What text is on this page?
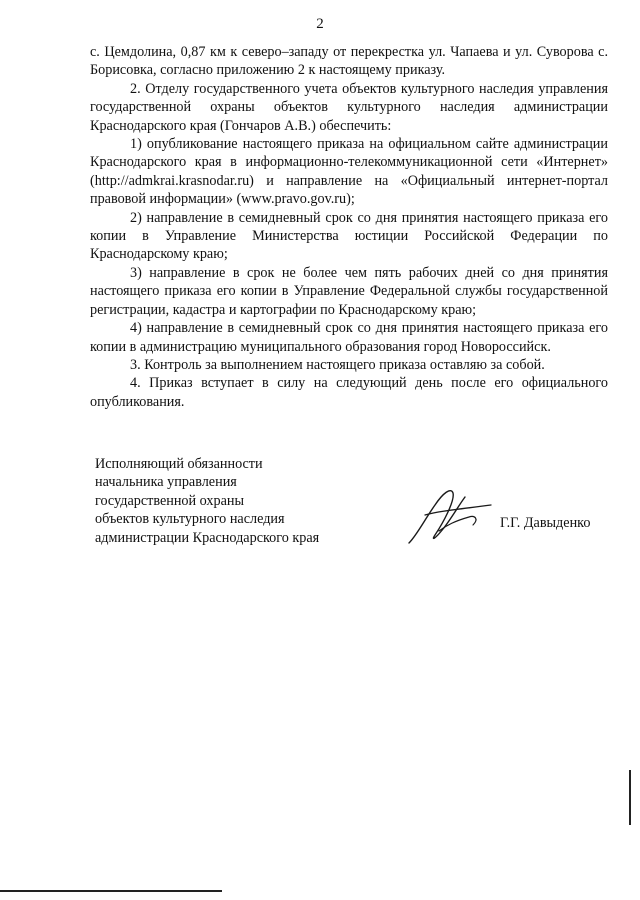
2

с. Цемдолина, 0,87 км к северо–западу от перекрестка ул. Чапаева и ул. Суворова с. Борисовка, согласно приложению 2 к настоящему приказу.

2. Отделу государственного учета объектов культурного наследия управления государственной охраны объектов культурного наследия администрации Краснодарского края (Гончаров А.В.) обеспечить:

1) опубликование настоящего приказа на официальном сайте администрации Краснодарского края в информационно-телекоммуникационной сети «Интернет» (http://admkrai.krasnodar.ru) и направление на «Официальный интернет-портал правовой информации» (www.pravo.gov.ru);

2) направление в семидневный срок со дня принятия настоящего приказа его копии в Управление Министерства юстиции Российской Федерации по Краснодарскому краю;

3) направление в срок не более чем пять рабочих дней со дня принятия настоящего приказа его копии в Управление Федеральной службы государственной регистрации, кадастра и картографии по Краснодарскому краю;

4) направление в семидневный срок со дня принятия настоящего приказа его копии в администрацию муниципального образования город Новороссийск.

3. Контроль за выполнением настоящего приказа оставляю за собой.

4. Приказ вступает в силу на следующий день после его официального опубликования.

Исполняющий обязанности
начальника управления
государственной охраны
объектов культурного наследия
администрации Краснодарского края
Г.Г. Давыденко
